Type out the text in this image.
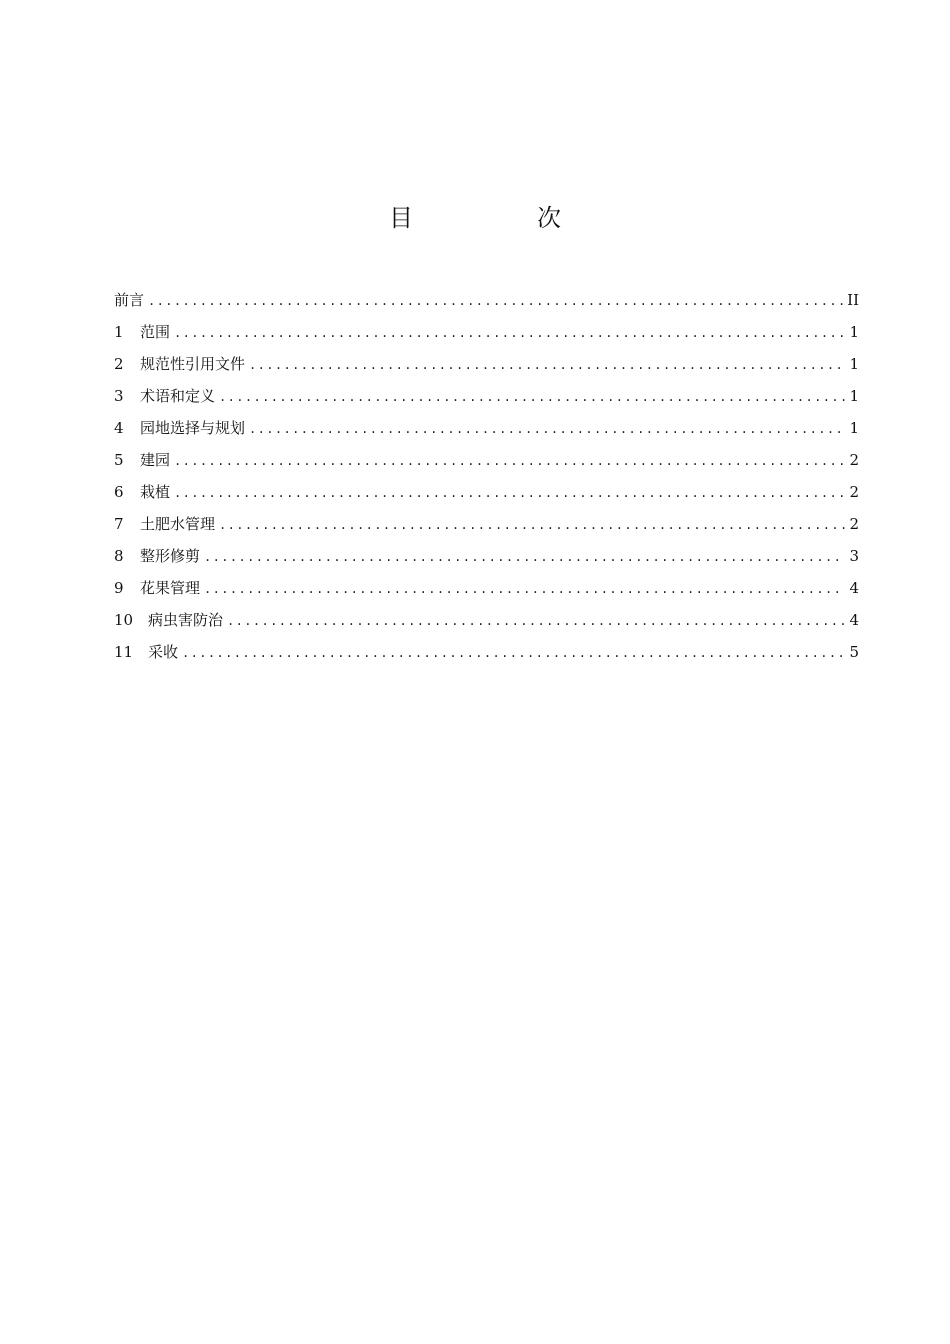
目　次
前言 .....	II
1	范围 .....	1
2	规范性引用文件 .....	1
3	术语和定义 .....	1
4	园地选择与规划 .....	1
5	建园 .....	2
6	栽植 .....	2
7	土肥水管理 .....	2
8	整形修剪 .....	3
9	花果管理 .....	4
10 病虫害防治 .....	4
11 采收 .....	5
